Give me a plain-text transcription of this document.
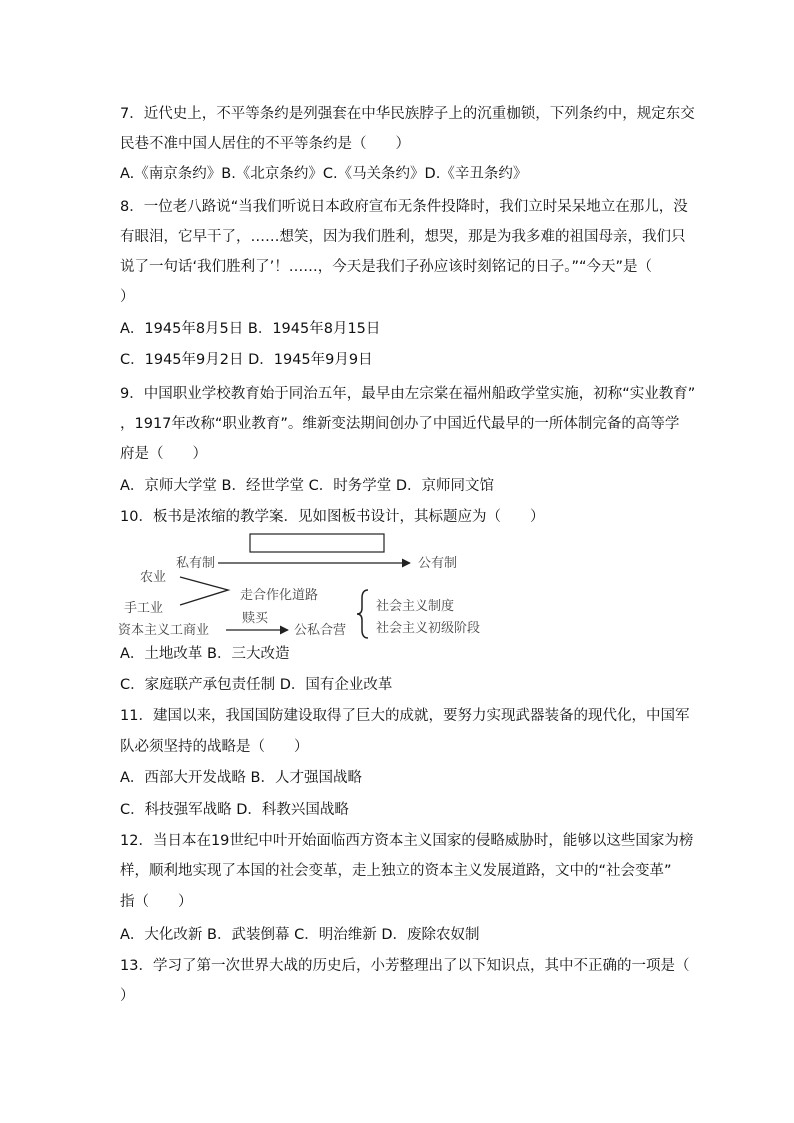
7．近代史上，不平等条约是列强套在中华民族脖子上的沉重枷锁，下列条约中，规定东交
民巷不准中国人居住的不平等条约是（　　）
A.《南京条约》B.《北京条约》C.《马关条约》D.《辛丑条约》
8．一位老八路说“当我们听说日本政府宣布无条件投降时，我们立时呆呆地立在那儿，没
有眼泪，它早干了，……想笑，因为我们胜利，想哭，那是为我多难的祖国母亲，我们只
说了一句话‘我们胜利了’！……，今天是我们子孙应该时刻铭记的日子。”“今天”是（
）
A．1945年8月5日 B．1945年8月15日
C．1945年9月2日 D．1945年9月9日
9．中国职业学校教育始于同治五年，最早由左宗棠在福州船政学堂实施，初称“实业教育”
，1917年改称“职业教育”。维新变法期间创办了中国近代最早的一所体制完备的高等学
府是（　　）
A．京师大学堂 B．经世学堂 C．时务学堂 D．京师同文馆
10．板书是浓缩的教学案．见如图板书设计，其标题应为（　　）
私有制	公有制
农业
走合作化道路
手工业
赎买
资本主义工商业	公私合营
社会主义制度
社会主义初级阶段
A．土地改革 B．三大改造
C．家庭联产承包责任制 D．国有企业改革
11．建国以来，我国国防建设取得了巨大的成就，要努力实现武器装备的现代化，中国军
队必须坚持的战略是（　　）
A．西部大开发战略 B．人才强国战略
C．科技强军战略 D．科教兴国战略
12．当日本在19世纪中叶开始面临西方资本主义国家的侵略威胁时，能够以这些国家为榜
样，顺利地实现了本国的社会变革，走上独立的资本主义发展道路，文中的“社会变革”
指（　　）
A．大化改新 B．武装倒幕 C．明治维新 D．废除农奴制
13．学习了第一次世界大战的历史后，小芳整理出了以下知识点，其中不正确的一项是（
）
